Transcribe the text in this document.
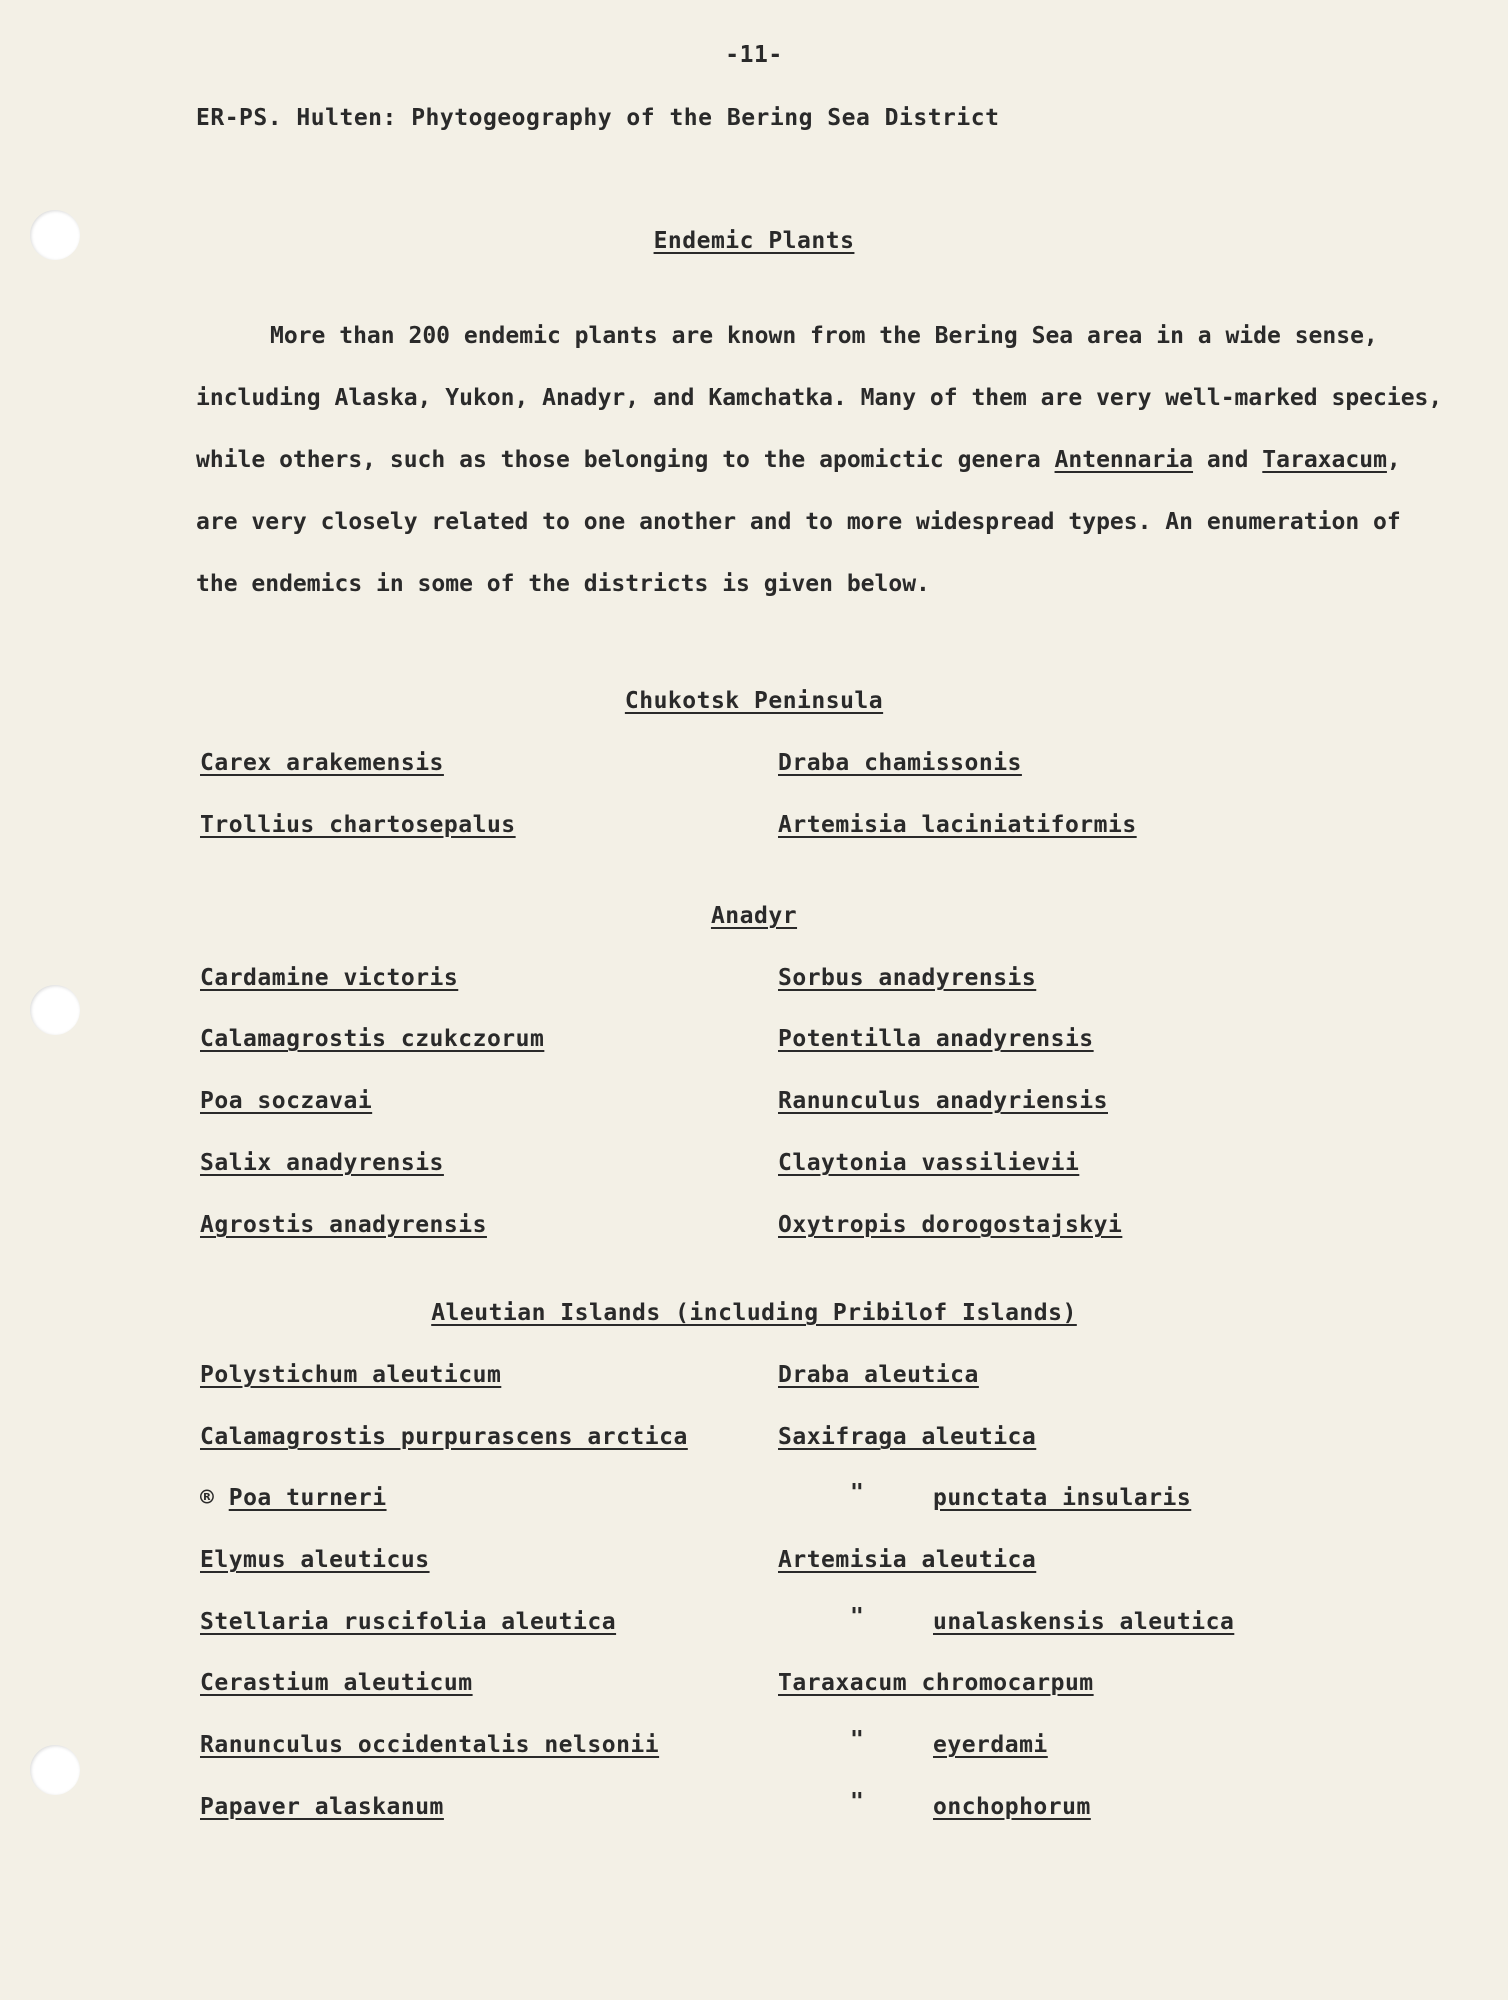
-11-
ER-PS. Hulten: Phytogeography of the Bering Sea District
Endemic Plants
More than 200 endemic plants are known from the Bering Sea area in a wide sense, including Alaska, Yukon, Anadyr, and Kamchatka. Many of them are very well-marked species, while others, such as those belonging to the apomictic genera Antennaria and Taraxacum, are very closely related to one another and to more widespread types. An enumeration of the endemics in some of the districts is given below.
Chukotsk Peninsula
Carex arakemensis	Draba chamissonis
Trollius chartosepalus	Artemisia laciniatiformis
Anadyr
Cardamine victoris	Sorbus anadyrensis
Calamagrostis czukczorum	Potentilla anadyrensis
Poa soczavai	Ranunculus anadyriensis
Salix anadyrensis	Claytonia vassilievii
Agrostis anadyrensis	Oxytropis dorogostajskyi
Aleutian Islands (including Pribilof Islands)
Polystichum aleuticum	Draba aleutica
Calamagrostis purpurascens arctica	Saxifraga aleutica
® Poa turneri	"	punctata insularis
Elymus aleuticus	Artemisia aleutica
Stellaria ruscifolia aleutica	"	unalaskensis aleutica
Cerastium aleuticum	Taraxacum chromocarpum
Ranunculus occidentalis nelsonii	"	eyerdami
Papaver alaskanum	"	onchophorum
